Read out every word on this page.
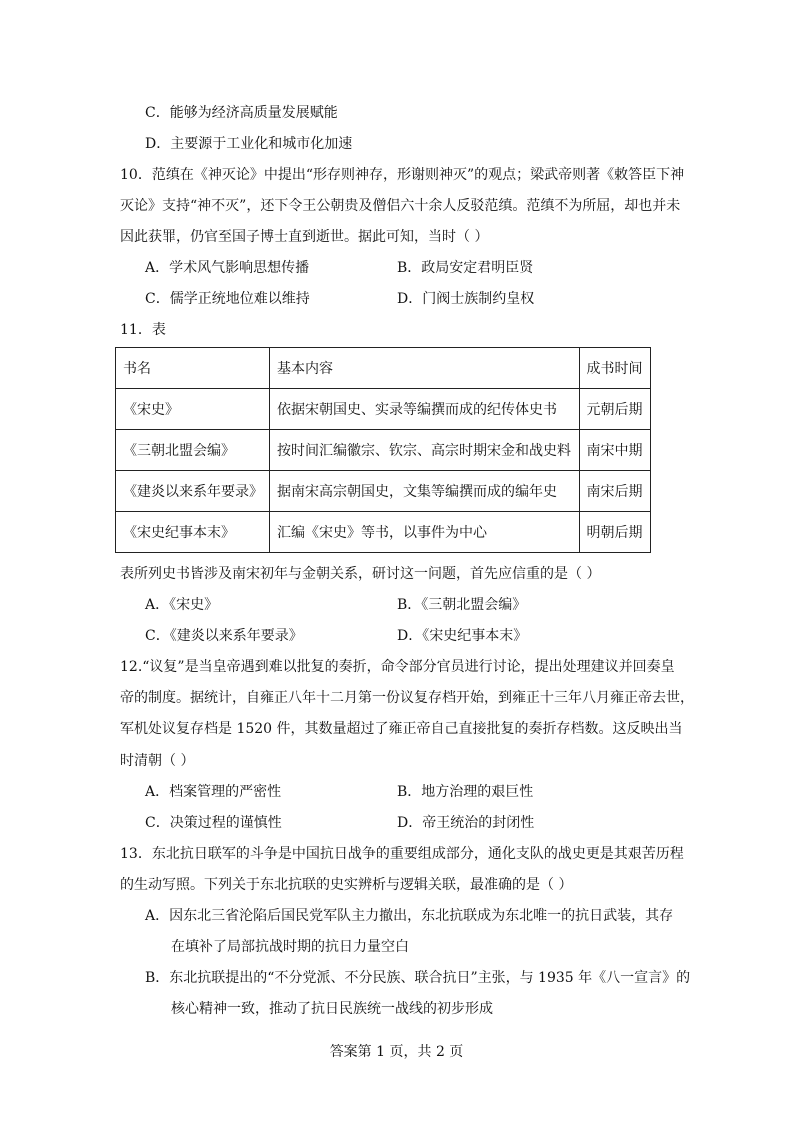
C．能够为经济高质量发展赋能
D．主要源于工业化和城市化加速
10．范缜在《神灭论》中提出“形存则神存，形谢则神灭”的观点；梁武帝则著《敕答臣下神
灭论》支持“神不灭”，还下令王公朝贵及僧侣六十余人反驳范缜。范缜不为所屈，却也并未
因此获罪，仍官至国子博士直到逝世。据此可知，当时（ ）
A．学术风气影响思想传播	B．政局安定君明臣贤
C．儒学正统地位难以维持	D．门阀士族制约皇权
11．表
书名	基本内容	成书时间
《宋史》	依据宋朝国史、实录等编撰而成的纪传体史书	元朝后期
《三朝北盟会编》	按时间汇编徽宗、钦宗、高宗时期宋金和战史料	南宋中期
《建炎以来系年要录》	据南宋高宗朝国史，文集等编撰而成的编年史	南宋后期
《宋史纪事本末》	汇编《宋史》等书，以事件为中心	明朝后期
表所列史书皆涉及南宋初年与金朝关系，研讨这一问题，首先应信重的是（ ）
A．《宋史》	B．《三朝北盟会编》
C．《建炎以来系年要录》	D．《宋史纪事本末》
12.“议复”是当皇帝遇到难以批复的奏折，命令部分官员进行讨论，提出处理建议并回奏皇
帝的制度。据统计，自雍正八年十二月第一份议复存档开始，到雍正十三年八月雍正帝去世，
军机处议复存档是 1520 件，其数量超过了雍正帝自己直接批复的奏折存档数。这反映出当
时清朝（ ）
A．档案管理的严密性	B．地方治理的艰巨性
C．决策过程的谨慎性	D．帝王统治的封闭性
13．东北抗日联军的斗争是中国抗日战争的重要组成部分，通化支队的战史更是其艰苦历程
的生动写照。下列关于东北抗联的史实辨析与逻辑关联，最准确的是（ ）
A．因东北三省沦陷后国民党军队主力撤出，东北抗联成为东北唯一的抗日武装，其存
在填补了局部抗战时期的抗日力量空白
B．东北抗联提出的“不分党派、不分民族、联合抗日”主张，与 1935 年《八一宣言》的
核心精神一致，推动了抗日民族统一战线的初步形成
答案第 1 页，共 2 页
